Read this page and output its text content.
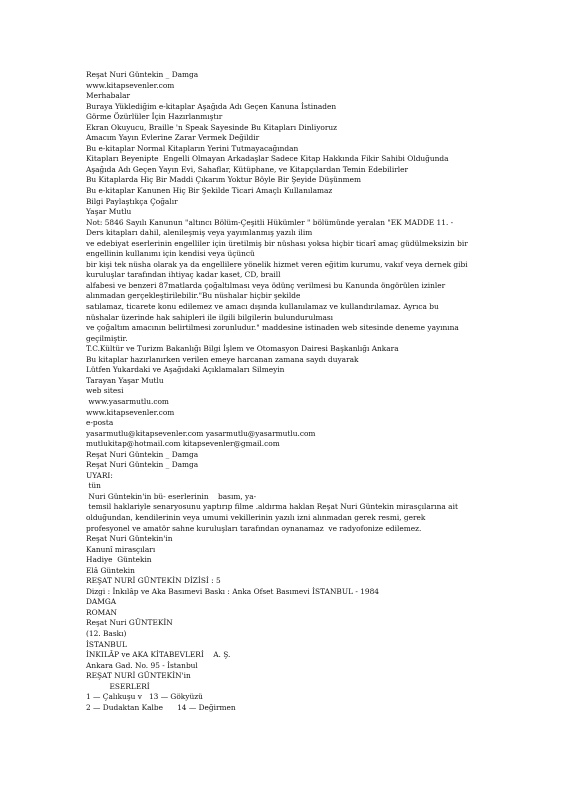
Reşat Nuri Güntekin _ Damga
www.kitapsevenler.com
Merhabalar
Buraya Yüklediğim e-kitaplar Aşağıda Adı Geçen Kanuna İstinaden
Görme Özürlüler İçin Hazırlanmıştır
Ekran Okuyucu, Braille 'n Speak Sayesinde Bu Kitapları Dinliyoruz
Amacım Yayın Evlerine Zarar Vermek Değildir
Bu e-kitaplar Normal Kitapların Yerini Tutmayacağından
Kitapları Beyenipte  Engelli Olmayan Arkadaşlar Sadece Kitap Hakkında Fikir Sahibi Olduğunda
Aşağıda Adı Geçen Yayın Evi, Sahaflar, Kütüphane, ve Kitapçılardan Temin Edebilirler
Bu Kitaplarda Hiç Bir Maddi Çıkarım Yoktur Böyle Bir Şeyide Düşünmem
Bu e-kitaplar Kanunen Hiç Bir Şekilde Ticari Amaçlı Kullanılamaz
Bilgi Paylaştıkça Çoğalır
Yaşar Mutlu
Not: 5846 Sayılı Kanunun "altıncı Bölüm-Çeşitli Hükümler " bölümünde yeralan "EK MADDE 11. -
Ders kitapları dahil, alenileşmiş veya yayımlanmış yazılı ilim
ve edebiyat eserlerinin engelliler için üretilmiş bir nüshası yoksa hiçbir ticarî amaç güdülmeksizin bir
engellinin kullanımı için kendisi veya üçüncü
bir kişi tek nüsha olarak ya da engellilere yönelik hizmet veren eğitim kurumu, vakıf veya dernek gibi
kuruluşlar tarafından ihtiyaç kadar kaset, CD, braill
alfabesi ve benzeri 87matlarda çoğaltılması veya ödünç verilmesi bu Kanunda öngörülen izinler
alınmadan gerçekleştirilebilir."Bu nüshalar hiçbir şekilde
satılamaz, ticarete konu edilemez ve amacı dışında kullanılamaz ve kullandırılamaz. Ayrıca bu
nüshalar üzerinde hak sahipleri ile ilgili bilgilerin bulundurulması
ve çoğaltım amacının belirtilmesi zorunludur." maddesine istinaden web sitesinde deneme yayınına
geçilmiştir.
T.C.Kültür ve Turizm Bakanlığı Bilgi İşlem ve Otomasyon Dairesi Başkanlığı Ankara
Bu kitaplar hazırlanırken verilen emeye harcanan zamana saydı duyarak
Lütfen Yukardaki ve Aşağıdaki Açıklamaları Silmeyin
Tarayan Yaşar Mutlu
web sitesi
www.yasarmutlu.com
www.kitapsevenler.com
e-posta
yasarmutlu@kitapsevenler.com yasarmutlu@yasarmutlu.com
mutlukitap@hotmail.com kitapsevenler@gmail.com
Reşat Nuri Güntekin _ Damga
Reşat Nuri Güntekin _ Damga
UYARI:
tün
Nuri Güntekin'in bü- eserlerinin    basım, ya-
temsil haklariyle senaryosunu yaptırıp filme .aldırma haklan Reşat Nuri Güntekin mirasçılarına ait
olduğundan, kendilerinin veya umumi vekillerinin yazılı izni alınmadan gerek resmi, gerek
profesyonel ve amatör sahne kuruluşları tarafından oynanamaz  ve radyofonize edilemez.
Reşat Nuri Güntekin'in
Kanunî mirasçıları
Hadiye  Güntekin
Elâ Güntekin
REŞAT NURİ GÜNTEKİN DİZİSİ : 5
Dizgi : İnkılâp ve Aka Basımevi Baskı : Anka Ofset Basımevi İSTANBUL - 1984
DAMGA
ROMAN
Reşat Nuri GÜNTEKİN
(12. Baskı)
İSTANBUL
İNKILÂP ve AKA KİTABEVLERİ    A. Ş.
Ankara Gad. No. 95 - İstanbul
REŞAT NURİ GÜNTEKİN'in
ESERLERİ
1 — Çalıkuşu v   13 — Gökyüzü
2 — Dudaktan Kalbe      14 — Değirmen
